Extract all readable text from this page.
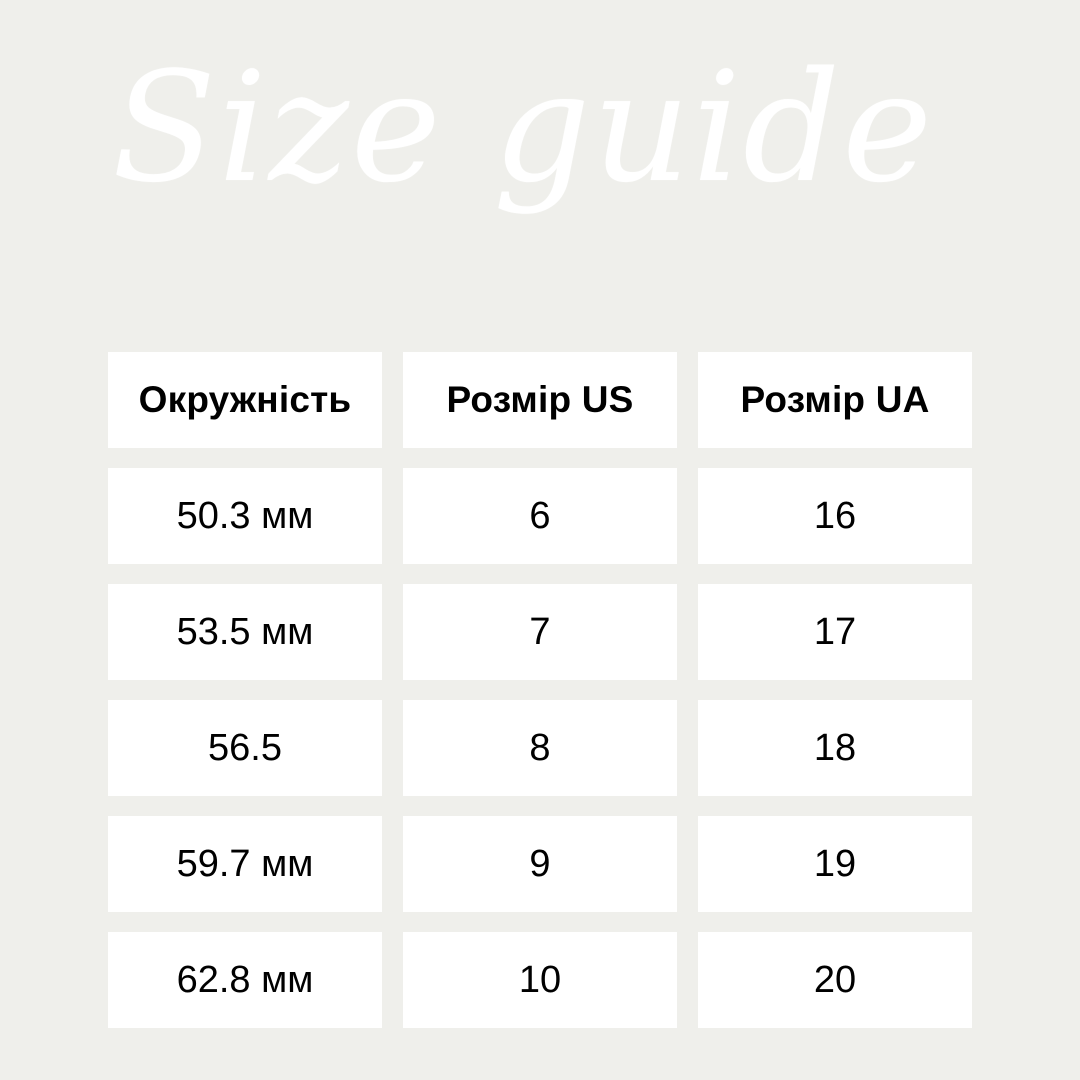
Size guide
Окружність	Розмір US	Розмір UA
50.3 мм	6	16
53.5 мм	7	17
56.5	8	18
59.7 мм	9	19
62.8 мм	10	20
